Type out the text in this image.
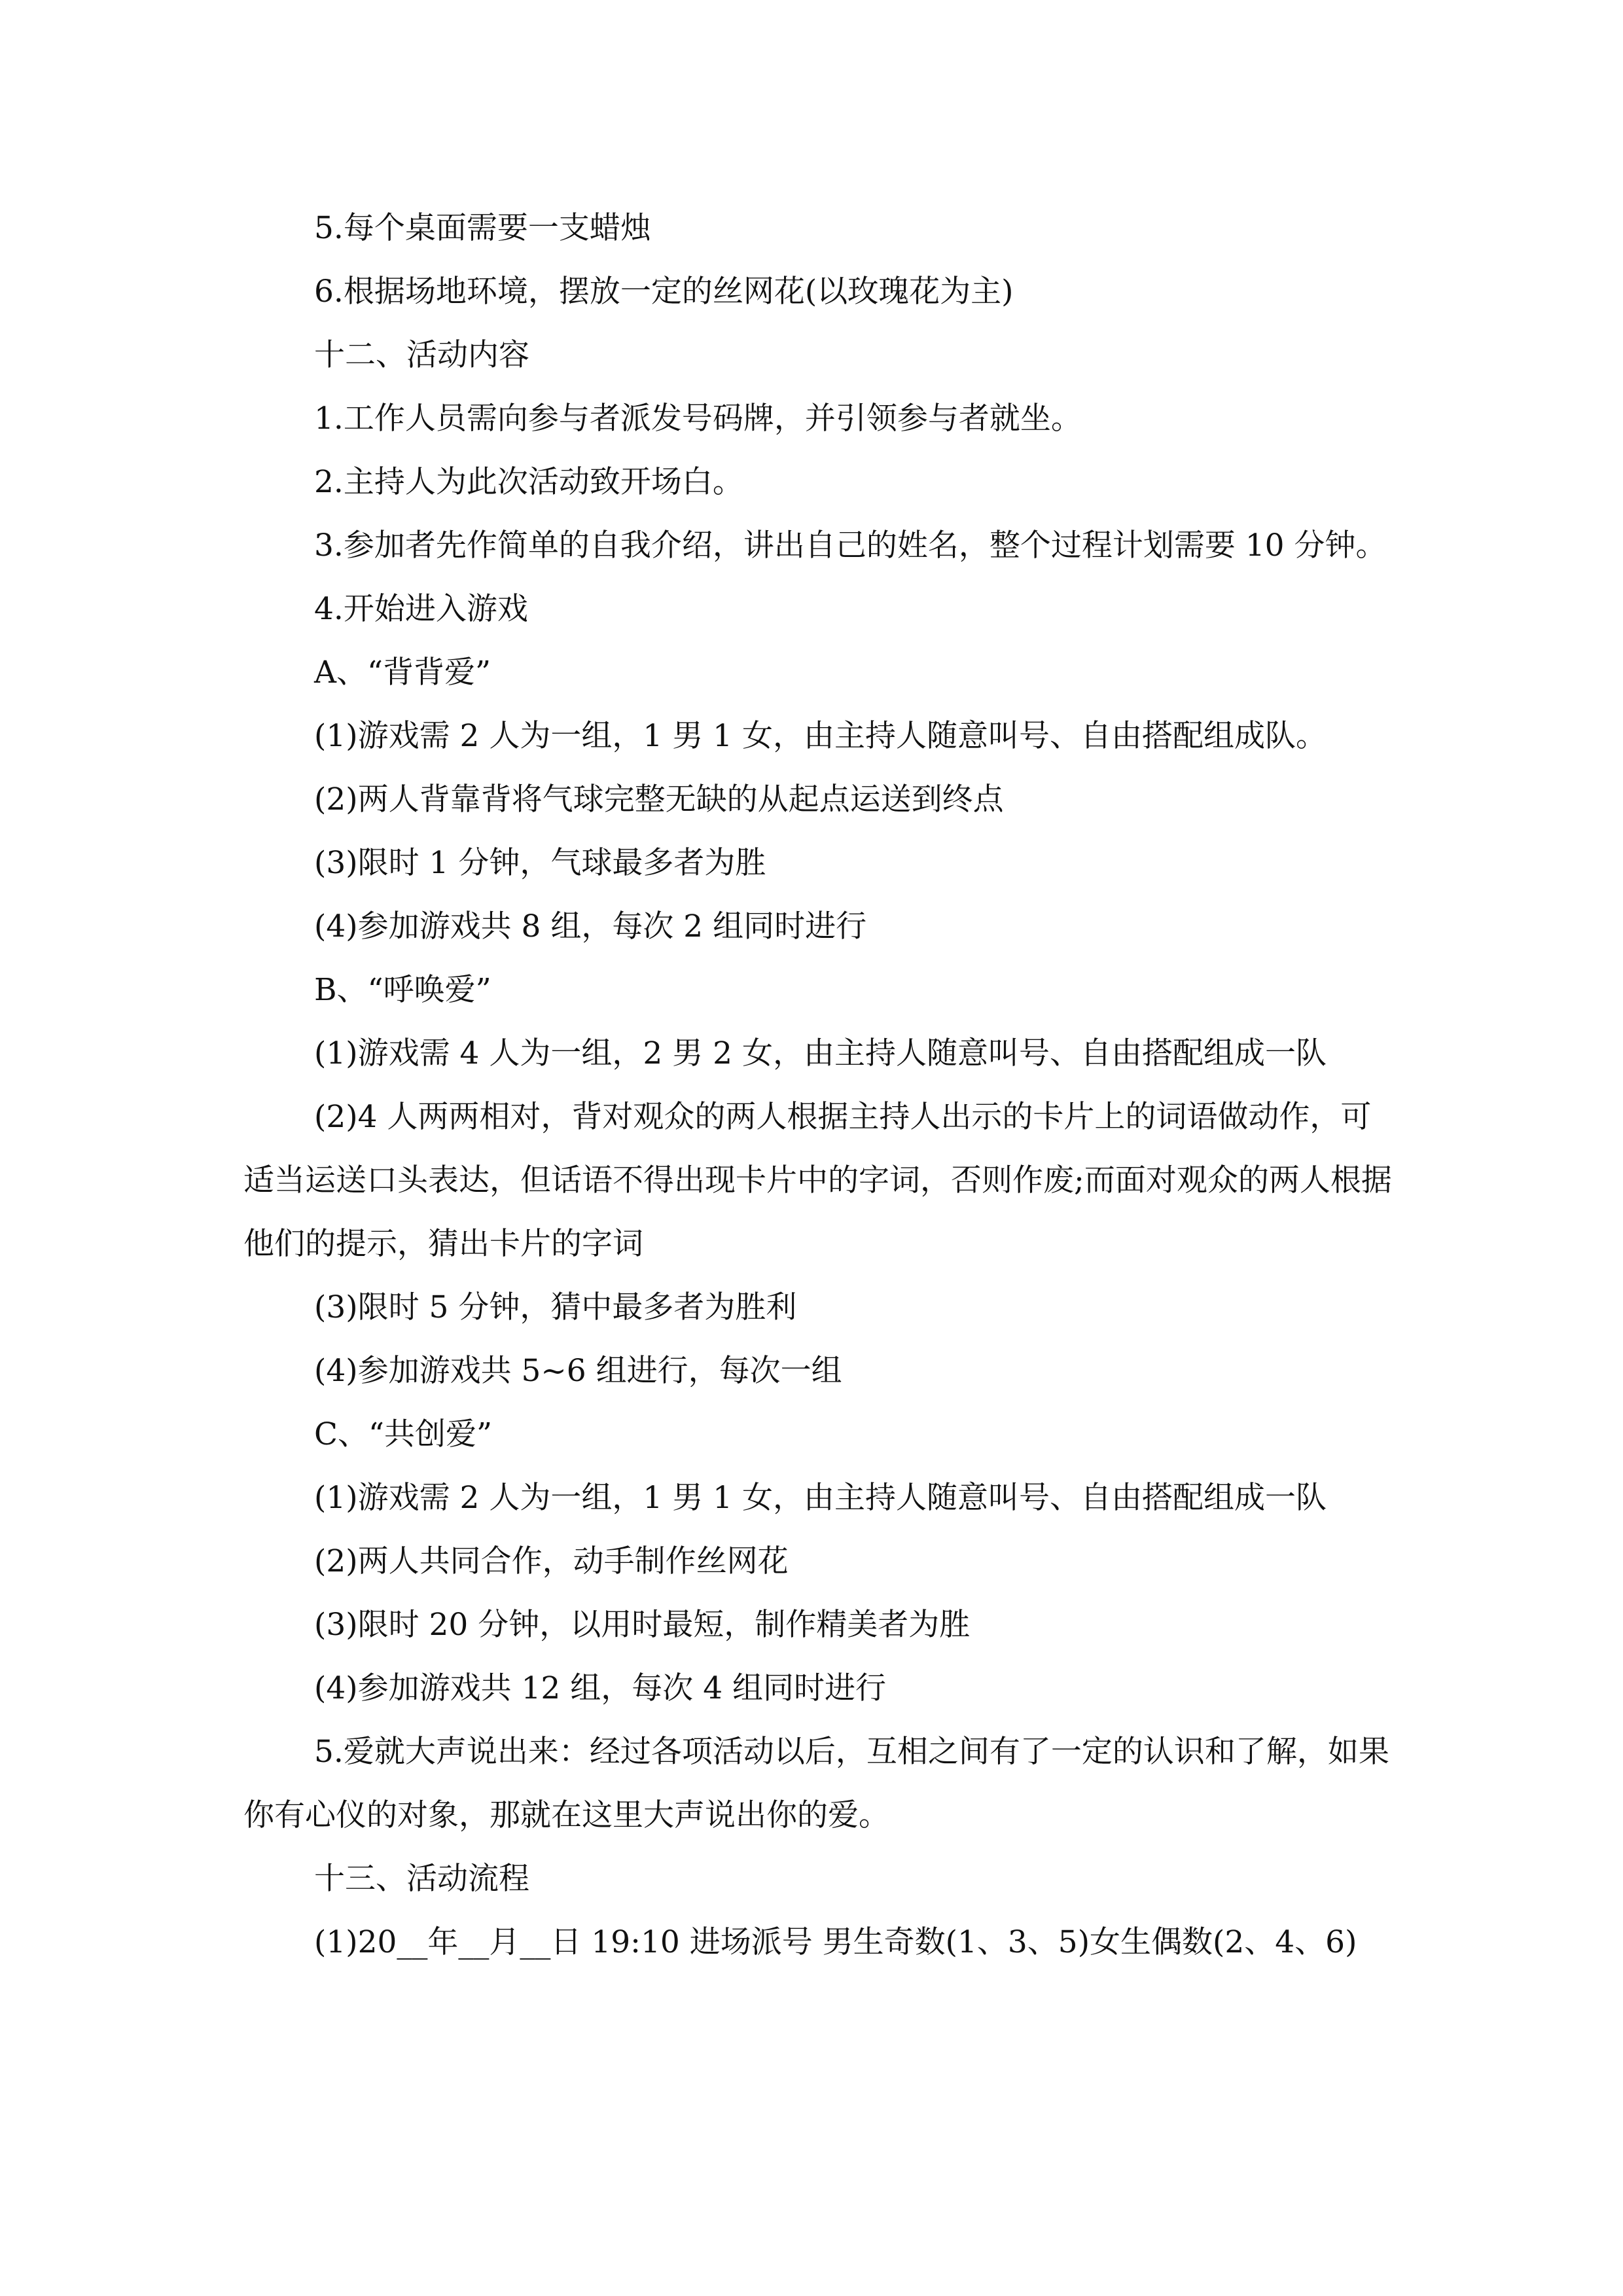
5.每个桌面需要一支蜡烛

6.根据场地环境，摆放一定的丝网花(以玫瑰花为主)

十二、活动内容

1.工作人员需向参与者派发号码牌，并引领参与者就坐。

2.主持人为此次活动致开场白。

3.参加者先作简单的自我介绍，讲出自己的姓名，整个过程计划需要 10 分钟。

4.开始进入游戏

A、“背背爱”

(1)游戏需 2 人为一组，1 男 1 女，由主持人随意叫号、自由搭配组成队。

(2)两人背靠背将气球完整无缺的从起点运送到终点

(3)限时 1 分钟，气球最多者为胜

(4)参加游戏共 8 组，每次 2 组同时进行

B、“呼唤爱”

(1)游戏需 4 人为一组，2 男 2 女，由主持人随意叫号、自由搭配组成一队

(2)4 人两两相对，背对观众的两人根据主持人出示的卡片上的词语做动作，可适当运送口头表达，但话语不得出现卡片中的字词，否则作废;而面对观众的两人根据他们的提示，猜出卡片的字词

(3)限时 5 分钟，猜中最多者为胜利

(4)参加游戏共 5~6 组进行，每次一组

C、“共创爱”

(1)游戏需 2 人为一组，1 男 1 女，由主持人随意叫号、自由搭配组成一队

(2)两人共同合作，动手制作丝网花

(3)限时 20 分钟，以用时最短，制作精美者为胜

(4)参加游戏共 12 组，每次 4 组同时进行

5.爱就大声说出来：经过各项活动以后，互相之间有了一定的认识和了解，如果你有心仪的对象，那就在这里大声说出你的爱。

十三、活动流程

(1)20__年__月__日 19:10 进场派号 男生奇数(1、3、5)女生偶数(2、4、6)
